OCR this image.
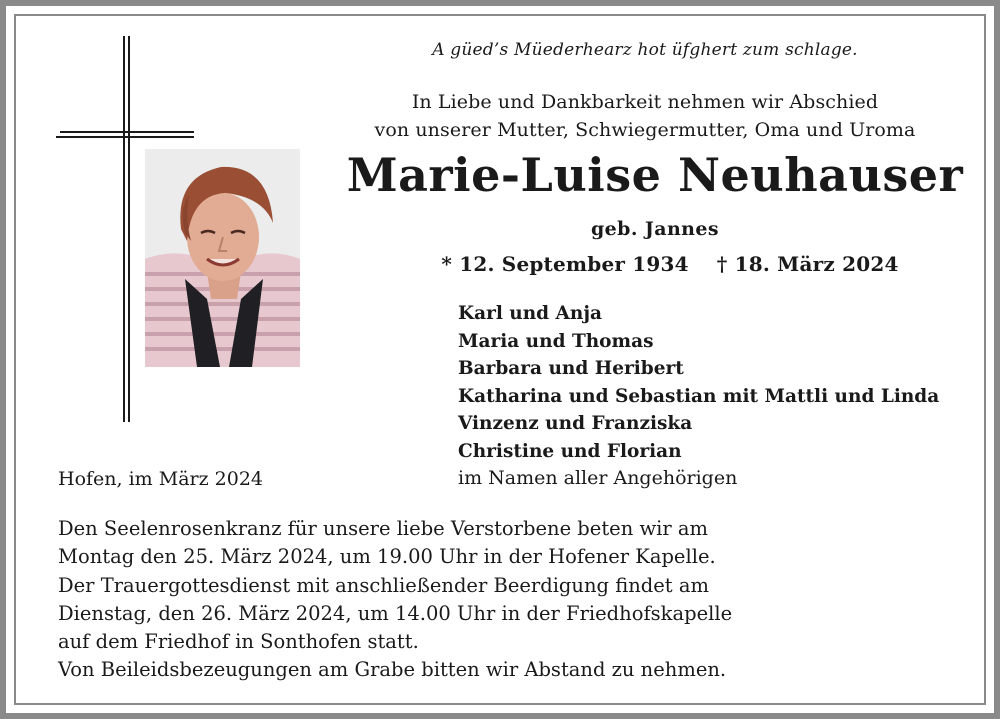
A güed’s Müederhearz hot üfghert zum schlage.
In Liebe und Dankbarkeit nehmen wir Abschied
von unserer Mutter, Schwiegermutter, Oma und Uroma
Marie-Luise Neuhauser
geb. Jannes
* 12. September 1934 † 18. März 2024
Karl und Anja
Maria und Thomas
Barbara und Heribert
Katharina und Sebastian mit Mattli und Linda
Vinzenz und Franziska
Christine und Florian
im Namen aller Angehörigen
Hofen, im März 2024
Den Seelenrosenkranz für unsere liebe Verstorbene beten wir am
Montag den 25. März 2024, um 19.00 Uhr in der Hofener Kapelle.
Der Trauergottesdienst mit anschließender Beerdigung findet am
Dienstag, den 26. März 2024, um 14.00 Uhr in der Friedhofskapelle
auf dem Friedhof in Sonthofen statt.
Von Beileidsbezeugungen am Grabe bitten wir Abstand zu nehmen.
